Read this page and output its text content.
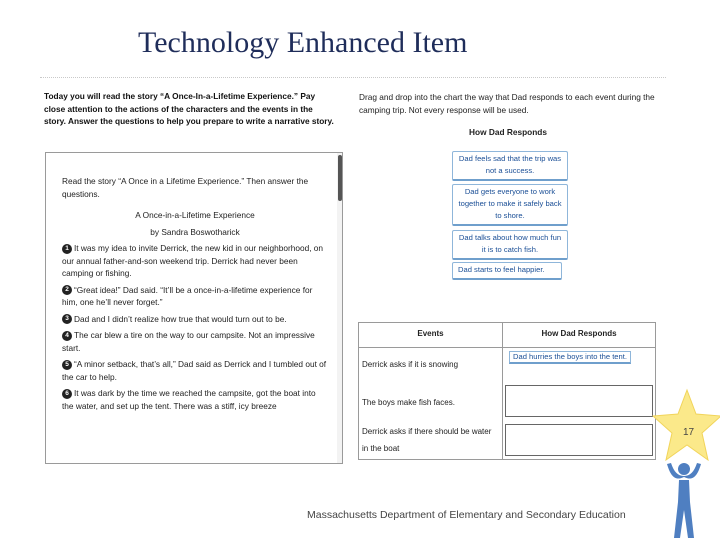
Technology Enhanced Item
Today you will read the story “A Once-In-a-Lifetime Experience.” Pay close attention to the actions of the characters and the events in the story. Answer the questions to help you prepare to write a narrative story.

Read the story “A Once in a Lifetime Experience.” Then answer the questions.

A Once-in-a-Lifetime Experience

by Sandra Boswotharick

1 It was my idea to invite Derrick, the new kid in our neighborhood, on our annual father-and-son weekend trip. Derrick had never been camping or fishing.

2 “Great idea!” Dad said. “It’ll be a once-in-a-lifetime experience for him, one he’ll never forget.”

3 Dad and I didn’t realize how true that would turn out to be.

4 The car blew a tire on the way to our campsite. Not an impressive start.

5 “A minor setback, that’s all,” Dad said as Derrick and I tumbled out of the car to help.

6 It was dark by the time we reached the campsite, got the boat into the water, and set up the tent. There was a stiff, icy breeze

Drag and drop into the chart the way that Dad responds to each event during the camping trip. Not every response will be used.
How Dad Responds
Dad feels sad that the trip was not a success.
Dad gets everyone to work together to make it safely back to shore.
Dad talks about how much fun it is to catch fish.
Dad starts to feel happier.
Events	How Dad Responds
Derrick asks if it is snowing
The boys make fish faces.
Derrick asks if there should be water in the boat
Dad hurries the boys into the tent.
Massachusetts Department of Elementary and Secondary Education
17
